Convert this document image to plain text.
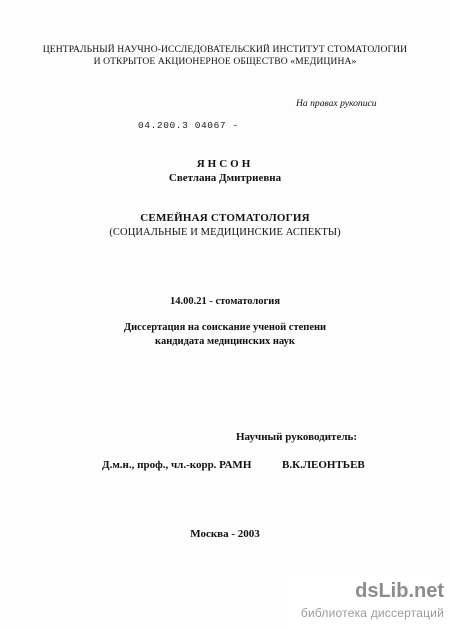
ЦЕНТРАЛЬНЫЙ НАУЧНО-ИССЛЕДОВАТЕЛЬСКИЙ ИНСТИТУТ СТОМАТОЛОГИИ
И ОТКРЫТОЕ АКЦИОНЕРНОЕ ОБЩЕСТВО «МЕДИЦИНА»
На правах рукописи
04.200.3 04067 -
ЯНСОН
Светлана Дмитриевна
СЕМЕЙНАЯ СТОМАТОЛОГИЯ
(СОЦИАЛЬНЫЕ И МЕДИЦИНСКИЕ АСПЕКТЫ)
14.00.21 - стоматология
Диссертация на соискание ученой степени
кандидата медицинских наук
Научный руководитель:
Д.м.н., проф., чл.-корр. РАМН	В.К.ЛЕОНТЬЕВ
Москва - 2003
dsLib.net
библиотека диссертаций
